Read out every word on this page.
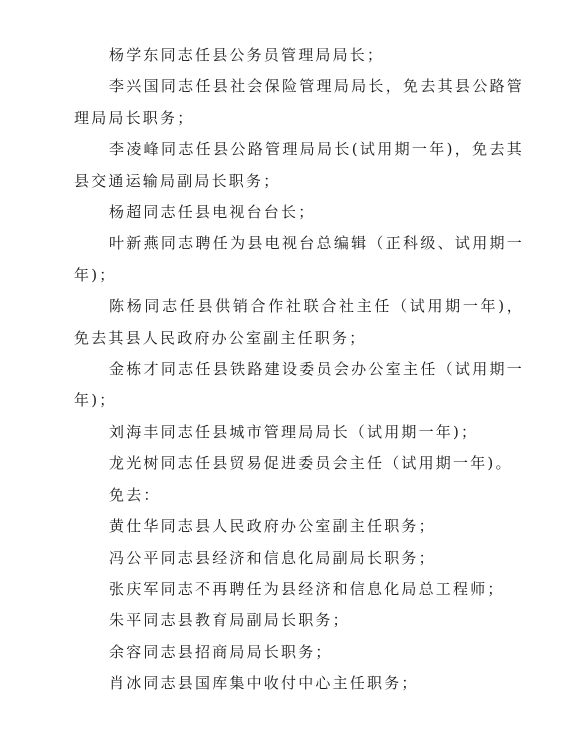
杨学东同志任县公务员管理局局长；

李兴国同志任县社会保险管理局局长，免去其县公路管理局局长职务；

李凌峰同志任县公路管理局局长(试用期一年)，免去其县交通运输局副局长职务；

杨超同志任县电视台台长；

叶新燕同志聘任为县电视台总编辑（正科级、试用期一年)；

陈杨同志任县供销合作社联合社主任（试用期一年)，免去其县人民政府办公室副主任职务；

金栋才同志任县铁路建设委员会办公室主任（试用期一年)；

刘海丰同志任县城市管理局局长（试用期一年)；

龙光树同志任县贸易促进委员会主任（试用期一年)。

免去：

黄仕华同志县人民政府办公室副主任职务；

冯公平同志县经济和信息化局副局长职务；

张庆军同志不再聘任为县经济和信息化局总工程师；

朱平同志县教育局副局长职务；

余容同志县招商局局长职务；

肖冰同志县国库集中收付中心主任职务；
